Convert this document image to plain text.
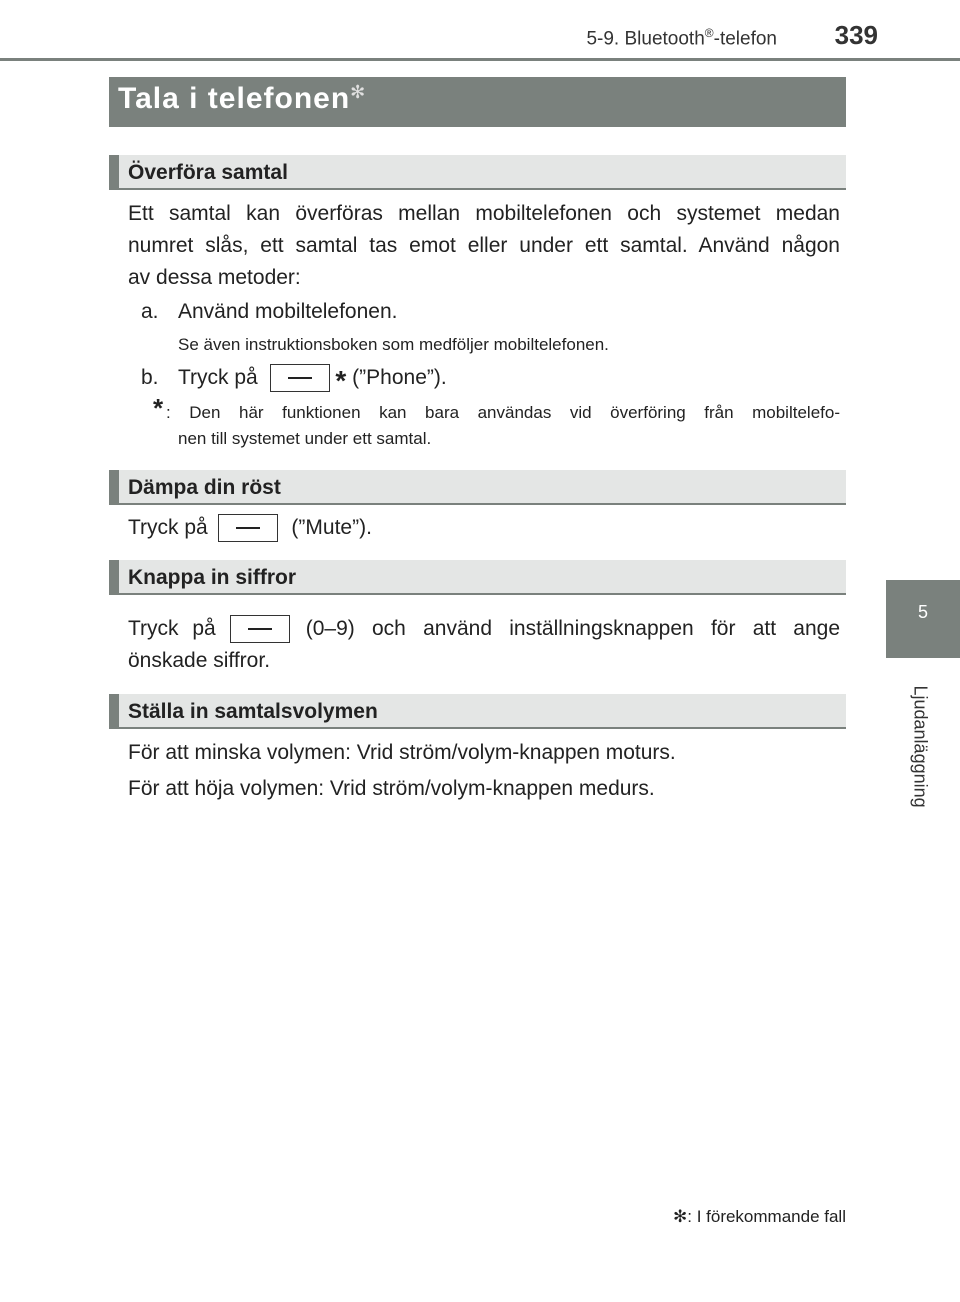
5-9. Bluetooth®-telefon 339
5
Ljudanläggning
Tala i telefonen✻
Överföra samtal
Ett samtal kan överföras mellan mobiltelefonen och systemet medan
numret slås, ett samtal tas emot eller under ett samtal. Använd någon
av dessa metoder:
a. Använd mobiltelefonen.
Se även instruktionsboken som medföljer mobiltelefonen.
b. Tryck på	* (”Phone”).
* : Den här funktionen kan bara användas vid överföring från mobiltelefo-
nen till systemet under ett samtal.
Dämpa din röst
Tryck på	(”Mute”).
Knappa in siffror
Tryck på	(0–9) och använd inställningsknappen för att ange
önskade siffror.
Ställa in samtalsvolymen
För att minska volymen: Vrid ström/volym-knappen moturs.
För att höja volymen: Vrid ström/volym-knappen medurs.
✻: I förekommande fall
